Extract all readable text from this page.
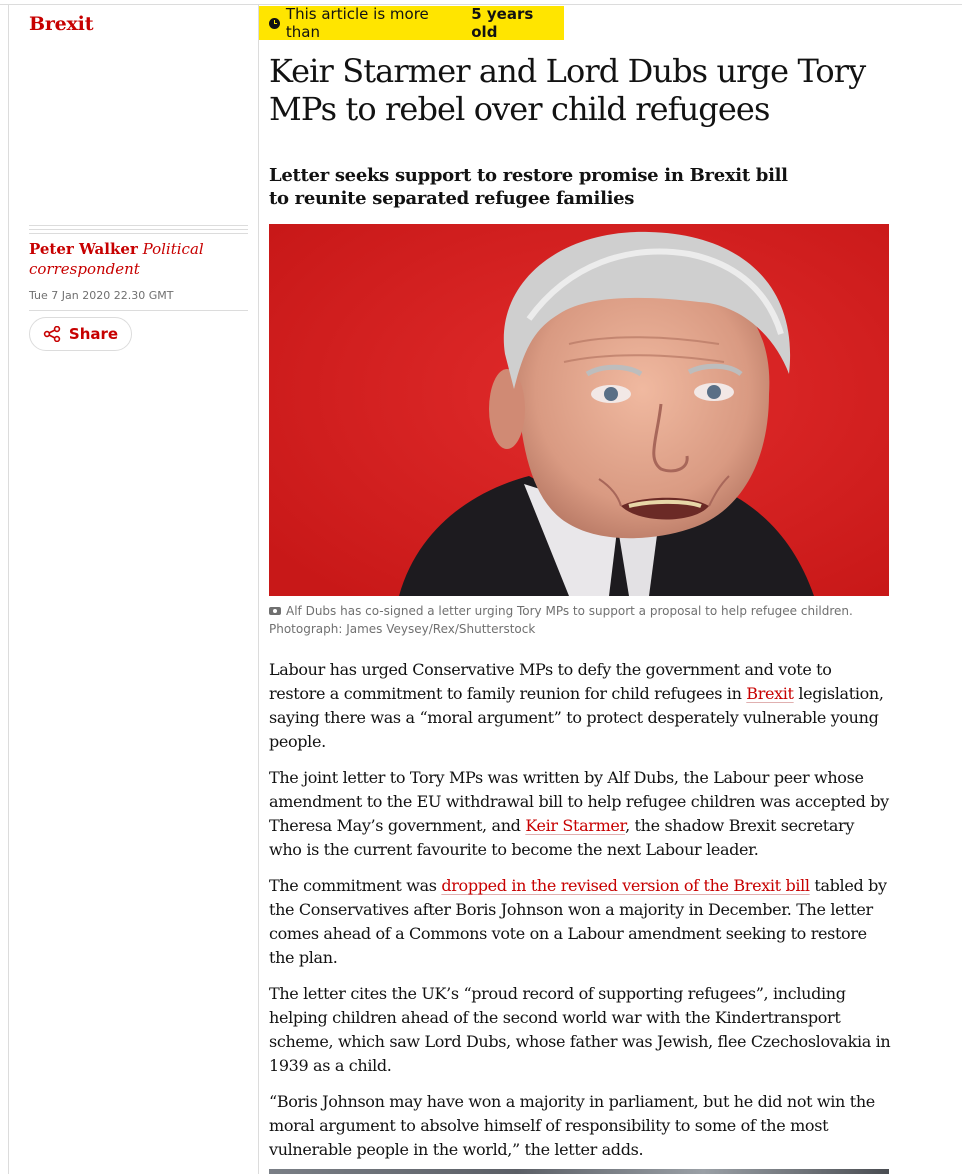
Brexit
Peter Walker Political correspondent
Tue 7 Jan 2020 22.30 GMT
Share
This article is more than
5 years old
Keir Starmer and Lord Dubs urge Tory MPs to rebel over child refugees
Letter seeks support to restore promise in Brexit bill to reunite separated refugee families
Alf Dubs has co-signed a letter urging Tory MPs to support a proposal to help refugee children.
Photograph: James Veysey/Rex/Shutterstock

Labour has urged Conservative MPs to defy the government and vote to restore a commitment to family reunion for child refugees in Brexit legislation, saying there was a “moral argument” to protect desperately vulnerable young people.

The joint letter to Tory MPs was written by Alf Dubs, the Labour peer whose amendment to the EU withdrawal bill to help refugee children was accepted by Theresa May’s government, and Keir Starmer, the shadow Brexit secretary who is the current favourite to become the next Labour leader.

The commitment was dropped in the revised version of the Brexit bill tabled by the Conservatives after Boris Johnson won a majority in December. The letter comes ahead of a Commons vote on a Labour amendment seeking to restore the plan.

The letter cites the UK’s “proud record of supporting refugees”, including helping children ahead of the second world war with the Kindertransport scheme, which saw Lord Dubs, whose father was Jewish, flee Czechoslovakia in 1939 as a child.

“Boris Johnson may have won a majority in parliament, but he did not win the moral argument to absolve himself of responsibility to some of the most vulnerable people in the world,” the letter adds.
